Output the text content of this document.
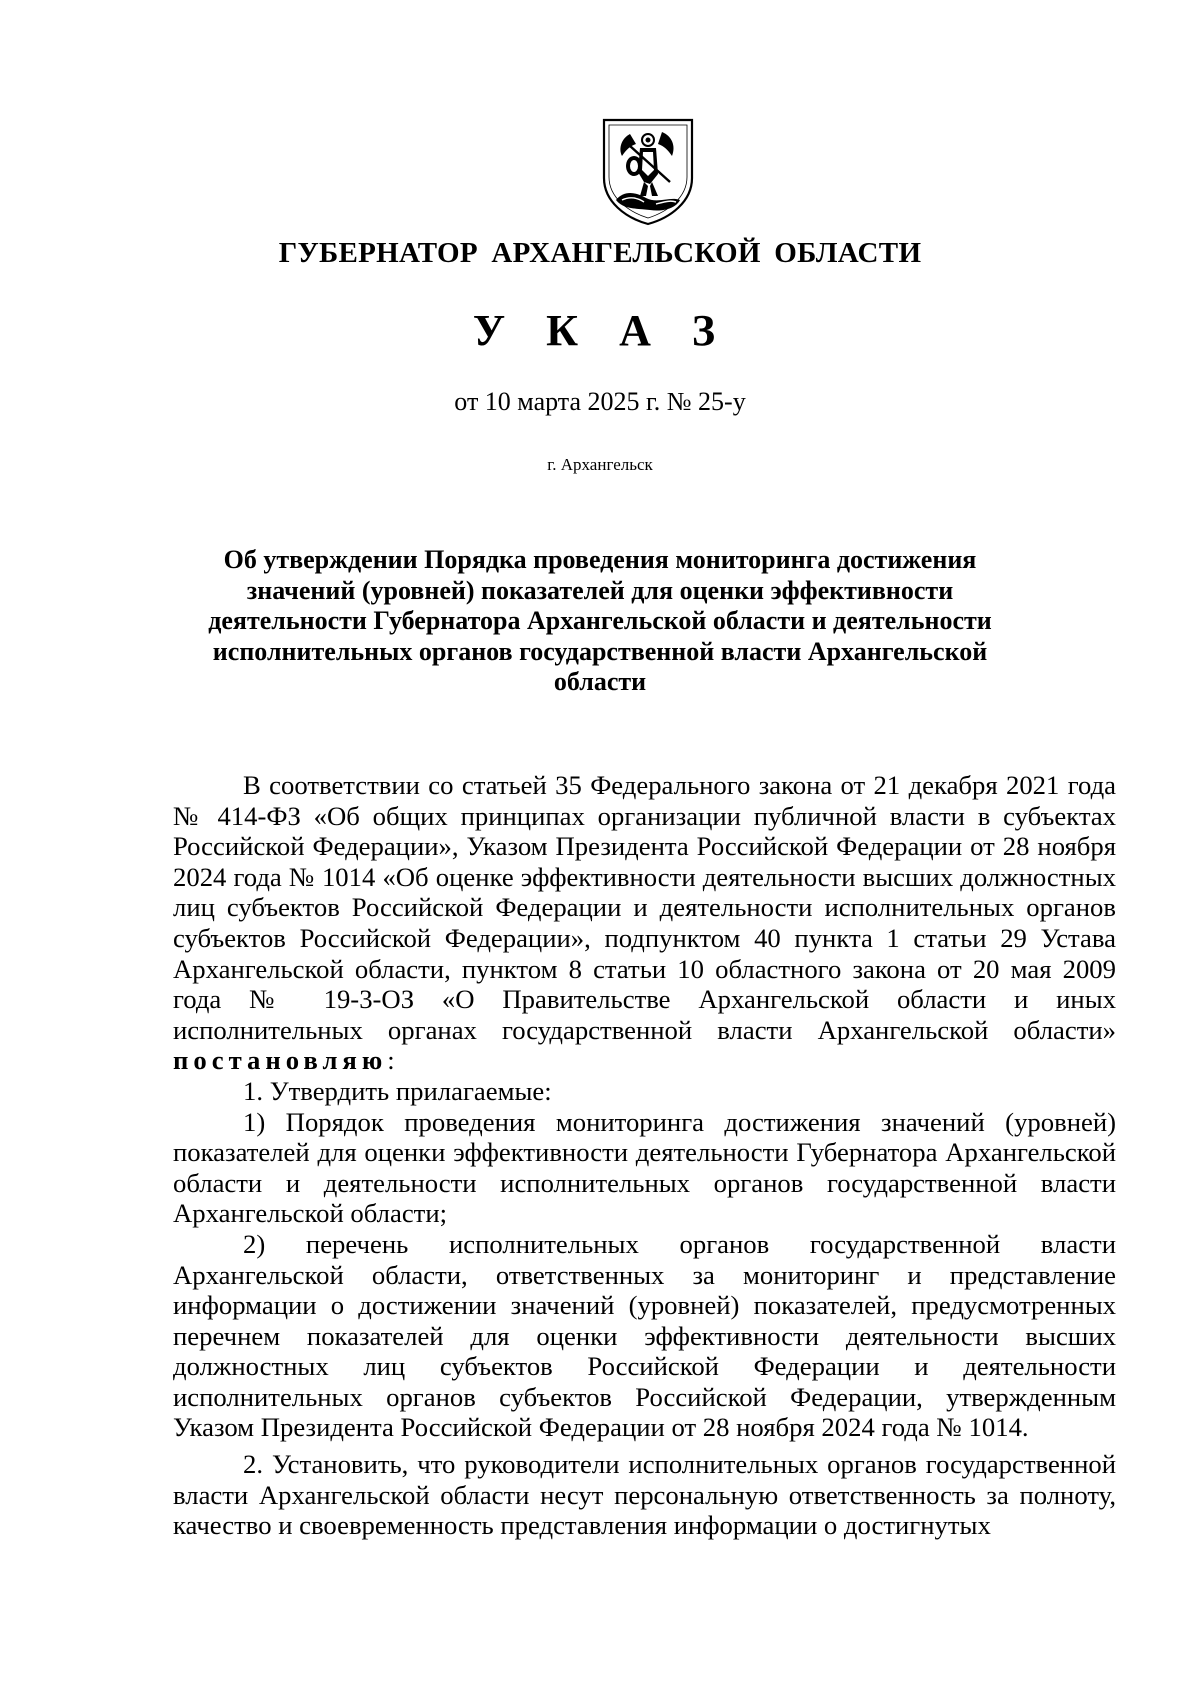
ГУБЕРНАТОР АРХАНГЕЛЬСКОЙ ОБЛАСТИ
У К А З
от 10 марта 2025 г. № 25-у
г. Архангельск
Об утверждении Порядка проведения мониторинга достижения значений (уровней) показателей для оценки эффективности деятельности Губернатора Архангельской области и деятельности исполнительных органов государственной власти Архангельской области

В соответствии со статьей 35 Федерального закона от 21 декабря 2021 года № 414-ФЗ «Об общих принципах организации публичной власти в субъектах Российской Федерации», Указом Президента Российской Федерации от 28 ноября 2024 года № 1014 «Об оценке эффективности деятельности высших должностных лиц субъектов Российской Федерации и деятельности исполнительных органов субъектов Российской Федерации», подпунктом 40 пункта 1 статьи 29 Устава Архангельской области, пунктом 8 статьи 10 областного закона от 20 мая 2009 года № 19-3-ОЗ «О Правительстве Архангельской области и иных исполнительных органах государственной власти Архангельской области» постановляю:

1. Утвердить прилагаемые:

1) Порядок проведения мониторинга достижения значений (уровней) показателей для оценки эффективности деятельности Губернатора Архангельской области и деятельности исполнительных органов государственной власти Архангельской области;

2) перечень исполнительных органов государственной власти Архангельской области, ответственных за мониторинг и представление информации о достижении значений (уровней) показателей, предусмотренных перечнем показателей для оценки эффективности деятельности высших должностных лиц субъектов Российской Федерации и деятельности исполнительных органов субъектов Российской Федерации, утвержденным Указом Президента Российской Федерации от 28 ноября 2024 года № 1014.

2. Установить, что руководители исполнительных органов государственной власти Архангельской области несут персональную ответственность за полноту, качество и своевременность представления информации о достигнутых
